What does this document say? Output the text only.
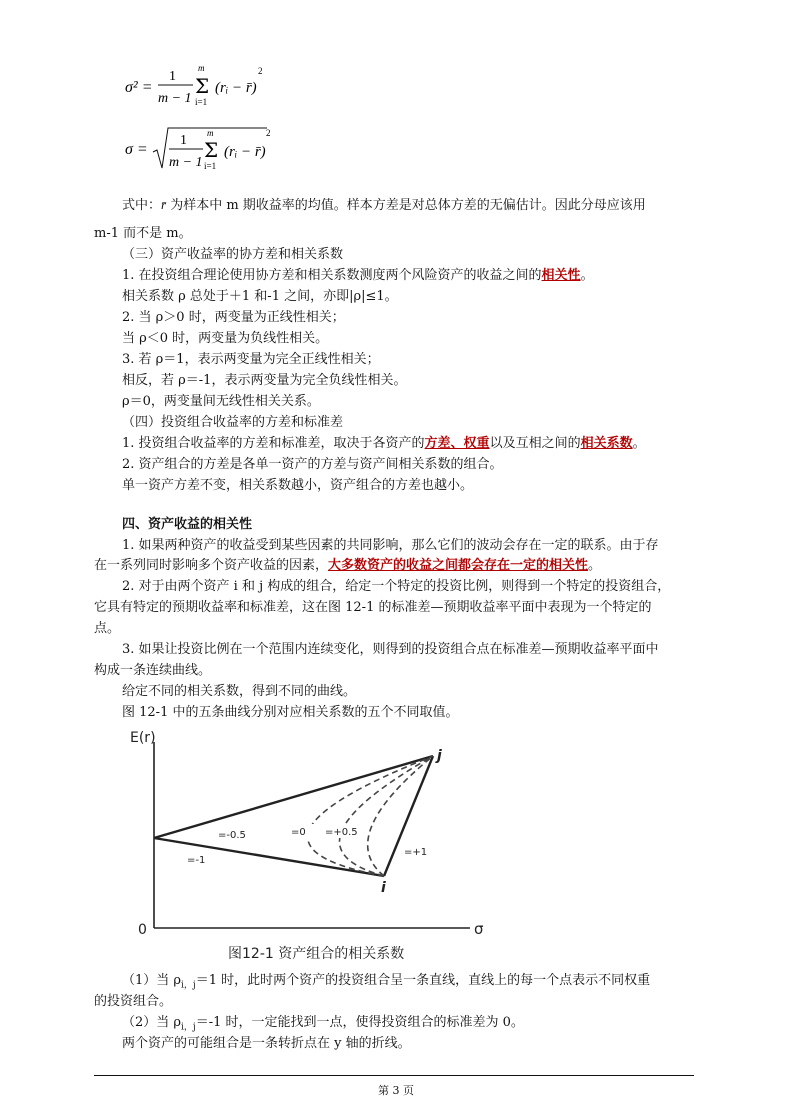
σ² =
1
m − 1
m
Σ
i=1
(rᵢ − r̄)
2
σ =
1
m − 1
m
Σ
i=1
(rᵢ − r̄)
2
式中：r̄ 为样本中 m 期收益率的均值。样本方差是对总体方差的无偏估计。因此分母应该用
m-1 而不是 m。
（三）资产收益率的协方差和相关系数
1. 在投资组合理论使用协方差和相关系数测度两个风险资产的收益之间的相关性。
相关系数 ρ 总处于＋1 和-1 之间，亦即|ρ|≤1。
2. 当 ρ＞0 时，两变量为正线性相关；
当 ρ＜0 时，两变量为负线性相关。
3. 若 ρ＝1，表示两变量为完全正线性相关；
相反，若 ρ＝-1，表示两变量为完全负线性相关。
ρ＝0，两变量间无线性相关关系。
（四）投资组合收益率的方差和标准差
1. 投资组合收益率的方差和标准差，取决于各资产的方差、权重以及互相之间的相关系数。
2. 资产组合的方差是各单一资产的方差与资产间相关系数的组合。
单一资产方差不变，相关系数越小，资产组合的方差也越小。
四、资产收益的相关性
1. 如果两种资产的收益受到某些因素的共同影响，那么它们的波动会存在一定的联系。由于存
在一系列同时影响多个资产收益的因素，大多数资产的收益之间都会存在一定的相关性。
2. 对于由两个资产 i 和 j 构成的组合，给定一个特定的投资比例，则得到一个特定的投资组合，
它具有特定的预期收益率和标准差，这在图 12-1 的标准差—预期收益率平面中表现为一个特定的
点。
3. 如果让投资比例在一个范围内连续变化，则得到的投资组合点在标准差—预期收益率平面中
构成一条连续曲线。
给定不同的相关系数，得到不同的曲线。
图 12-1 中的五条曲线分别对应相关系数的五个不同取值。
E(r)
σ
0
=-0.5	=0 =+0.5
=+1
=-1
i
j
图12-1 资产组合的相关系数
（1）当 $\rho_{i,j}=1$ 时，此时两个资产的投资组合呈一条直线，直线上的每一个点表示不同权重
的投资组合。
（2）当 $\rho_{i,j}=-1$ 时，一定能找到一点，使得投资组合的标准差为 0。
两个资产的可能组合是一条转折点在 y 轴的折线。
第 3 页
